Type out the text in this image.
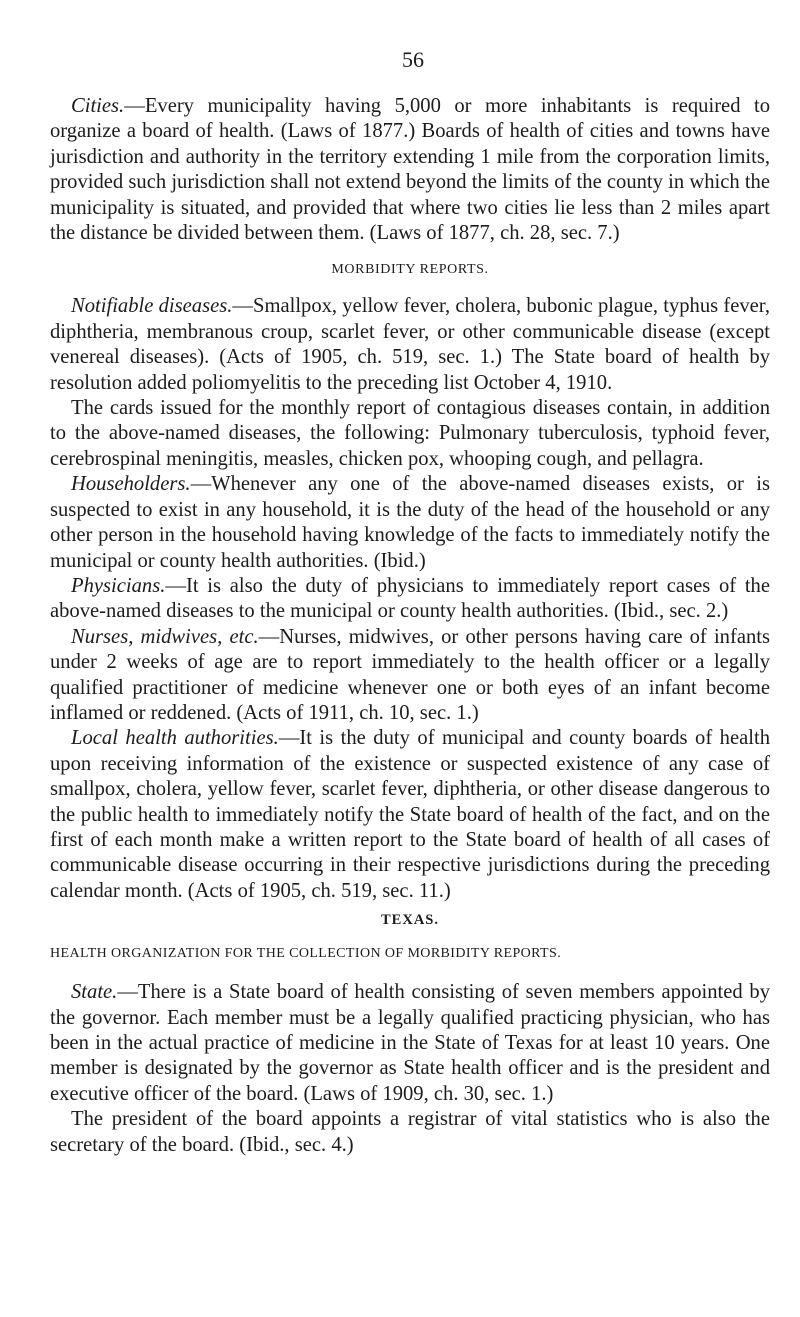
56

Cities.—Every municipality having 5,000 or more inhabitants is required to organize a board of health. (Laws of 1877.) Boards of health of cities and towns have jurisdiction and authority in the territory extending 1 mile from the corporation limits, provided such jurisdiction shall not extend beyond the limits of the county in which the municipality is situated, and provided that where two cities lie less than 2 miles apart the distance be divided between them. (Laws of 1877, ch. 28, sec. 7.)

MORBIDITY REPORTS.

Notifiable diseases.—Smallpox, yellow fever, cholera, bubonic plague, typhus fever, diphtheria, membranous croup, scarlet fever, or other communicable disease (except venereal diseases). (Acts of 1905, ch. 519, sec. 1.) The State board of health by resolution added poliomyelitis to the preceding list October 4, 1910.

The cards issued for the monthly report of contagious diseases contain, in addition to the above-named diseases, the following: Pulmonary tuberculosis, typhoid fever, cerebrospinal meningitis, measles, chicken pox, whooping cough, and pellagra.

Householders.—Whenever any one of the above-named diseases exists, or is suspected to exist in any household, it is the duty of the head of the household or any other person in the household having knowledge of the facts to immediately notify the municipal or county health authorities. (Ibid.)

Physicians.—It is also the duty of physicians to immediately report cases of the above-named diseases to the municipal or county health authorities. (Ibid., sec. 2.)

Nurses, midwives, etc.—Nurses, midwives, or other persons having care of infants under 2 weeks of age are to report immediately to the health officer or a legally qualified practitioner of medicine whenever one or both eyes of an infant become inflamed or reddened. (Acts of 1911, ch. 10, sec. 1.)

Local health authorities.—It is the duty of municipal and county boards of health upon receiving information of the existence or suspected existence of any case of smallpox, cholera, yellow fever, scarlet fever, diphtheria, or other disease dangerous to the public health to immediately notify the State board of health of the fact, and on the first of each month make a written report to the State board of health of all cases of communicable disease occurring in their respective jurisdictions during the preceding calendar month. (Acts of 1905, ch. 519, sec. 11.)

TEXAS.
HEALTH ORGANIZATION FOR THE COLLECTION OF MORBIDITY REPORTS.

State.—There is a State board of health consisting of seven members appointed by the governor. Each member must be a legally qualified practicing physician, who has been in the actual practice of medicine in the State of Texas for at least 10 years. One member is designated by the governor as State health officer and is the president and executive officer of the board. (Laws of 1909, ch. 30, sec. 1.)

The president of the board appoints a registrar of vital statistics who is also the secretary of the board. (Ibid., sec. 4.)
